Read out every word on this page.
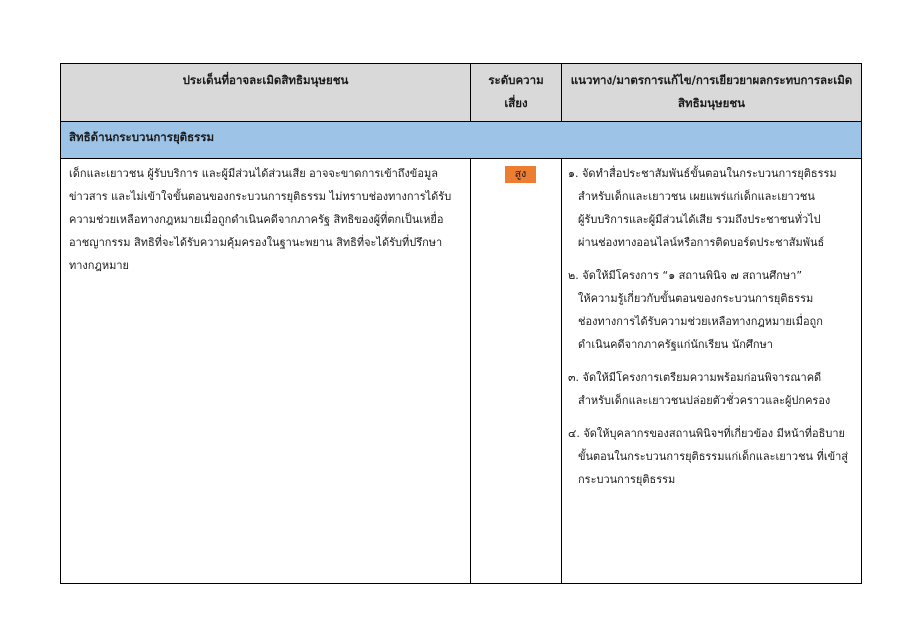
ประเด็นที่อาจละเมิดสิทธิมนุษยชน	ระดับความ
เสี่ยง
แนวทาง/มาตรการแก้ไข/การเยียวยาผลกระทบการละเมิด
สิทธิมนุษยชน
สิทธิด้านกระบวนการยุติธรรม
เด็กและเยาวชน ผู้รับบริการ และผู้มีส่วนได้ส่วนเสีย อาจจะขาดการเข้าถึงข้อมูล
ข่าวสาร และไม่เข้าใจขั้นตอนของกระบวนการยุติธรรม ไม่ทราบช่องทางการได้รับ
ความช่วยเหลือทางกฎหมายเมื่อถูกดำเนินคดีจากภาครัฐ สิทธิของผู้ที่ตกเป็นเหยื่อ
อาชญากรรม สิทธิที่จะได้รับความคุ้มครองในฐานะพยาน สิทธิที่จะได้รับที่ปรึกษา
ทางกฎหมาย
สูง	๑. จัดทำสื่อประชาสัมพันธ์ขั้นตอนในกระบวนการยุติธรรม
สำหรับเด็กและเยาวชน เผยแพร่แก่เด็กและเยาวชน
ผู้รับบริการและผู้มีส่วนได้เสีย รวมถึงประชาชนทั่วไป
ผ่านช่องทางออนไลน์หรือการติดบอร์ดประชาสัมพันธ์
๒. จัดให้มีโครงการ “๑ สถานพินิจ ๗ สถานศึกษา”
ให้ความรู้เกี่ยวกับขั้นตอนของกระบวนการยุติธรรม
ช่องทางการได้รับความช่วยเหลือทางกฎหมายเมื่อถูก
ดำเนินคดีจากภาครัฐแก่นักเรียน นักศึกษา
๓. จัดให้มีโครงการเตรียมความพร้อมก่อนพิจารณาคดี
สำหรับเด็กและเยาวชนปล่อยตัวชั่วคราวและผู้ปกครอง
๔. จัดให้บุคลากรของสถานพินิจฯที่เกี่ยวข้อง มีหน้าที่อธิบาย
ขั้นตอนในกระบวนการยุติธรรมแก่เด็กและเยาวชน ที่เข้าสู่
กระบวนการยุติธรรม
